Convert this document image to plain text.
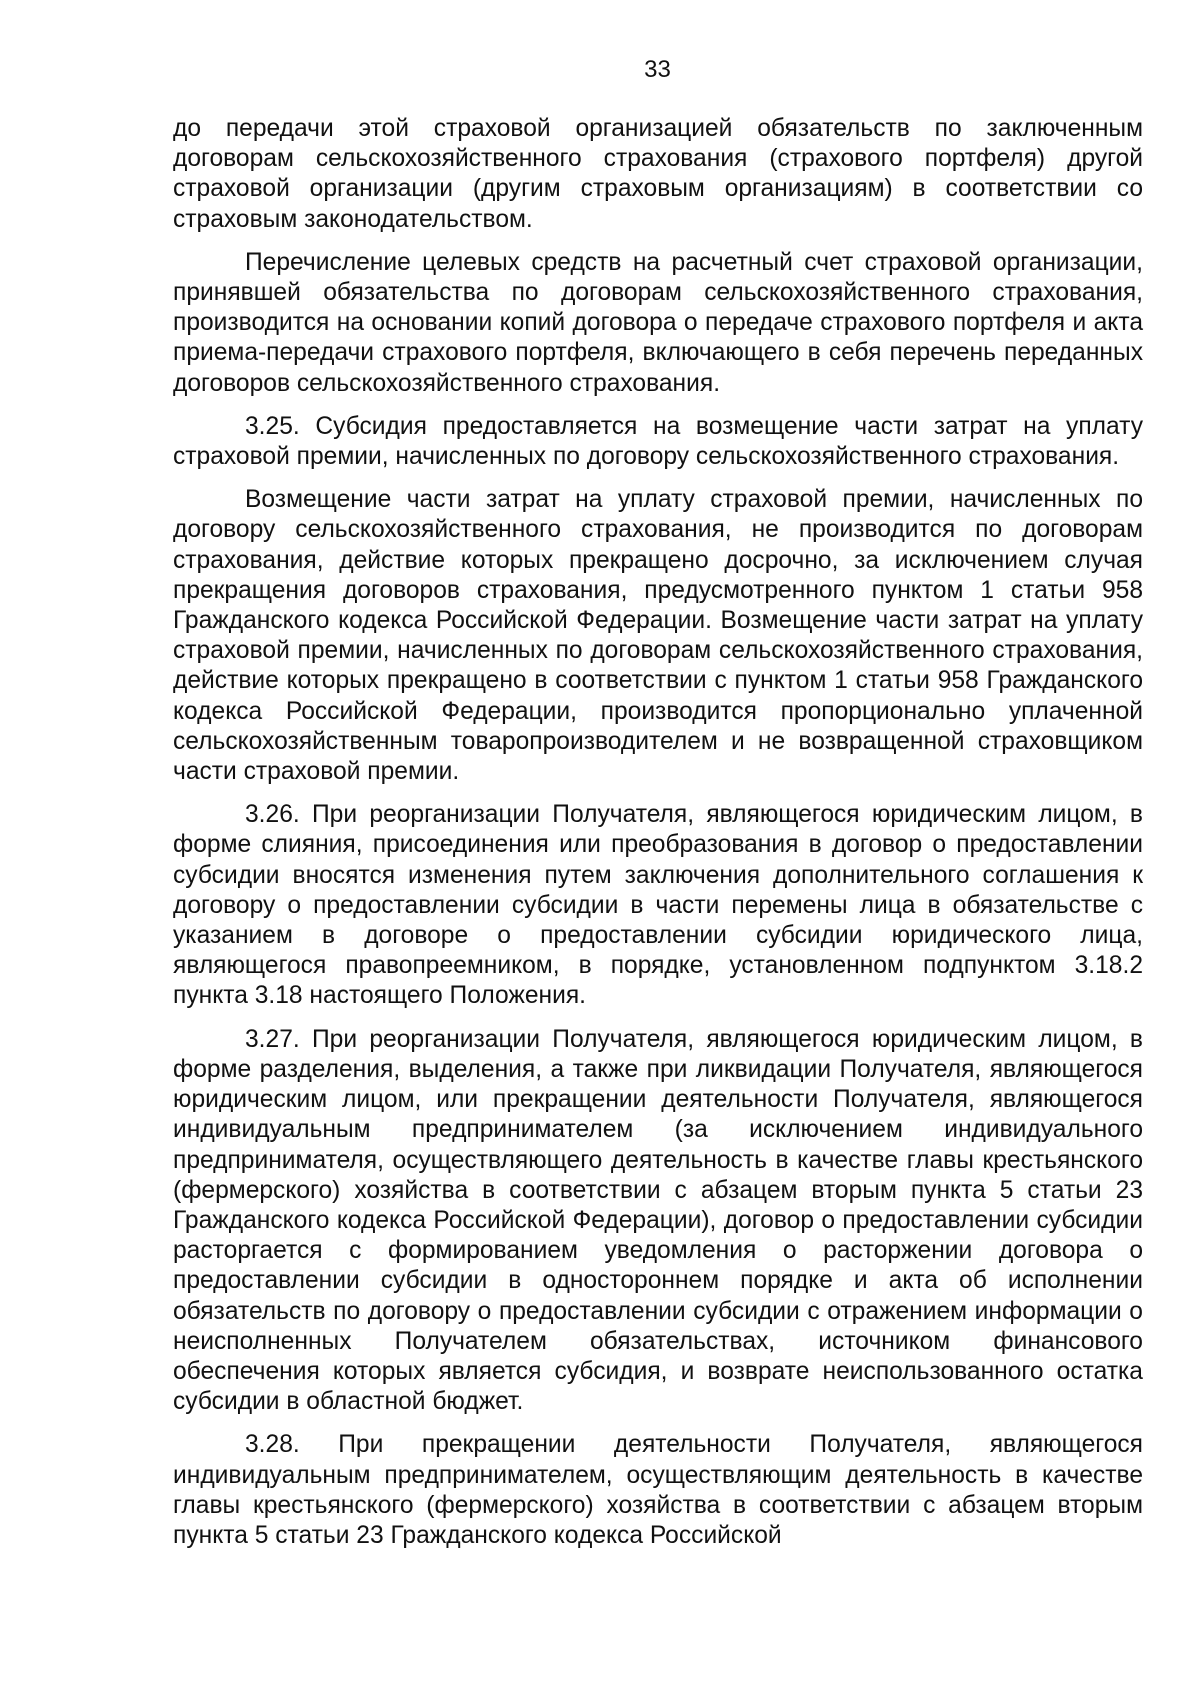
33

до передачи этой страховой организацией обязательств по заключенным договорам сельскохозяйственного страхования (страхового портфеля) другой страховой организации (другим страховым организациям) в соответствии со страховым законодательством.

Перечисление целевых средств на расчетный счет страховой организации, принявшей обязательства по договорам сельскохозяйственного страхования, производится на основании копий договора о передаче страхового портфеля и акта приема-передачи страхового портфеля, включающего в себя перечень переданных договоров сельскохозяйственного страхования.

3.25. Субсидия предоставляется на возмещение части затрат на уплату страховой премии, начисленных по договору сельскохозяйственного страхования.

Возмещение части затрат на уплату страховой премии, начисленных по договору сельскохозяйственного страхования, не производится по договорам страхования, действие которых прекращено досрочно, за исключением случая прекращения договоров страхования, предусмотренного пунктом 1 статьи 958 Гражданского кодекса Российской Федерации. Возмещение части затрат на уплату страховой премии, начисленных по договорам сельскохозяйственного страхования, действие которых прекращено в соответствии с пунктом 1 статьи 958 Гражданского кодекса Российской Федерации, производится пропорционально уплаченной сельскохозяйственным товаропроизводителем и не возвращенной страховщиком части страховой премии.

3.26. При реорганизации Получателя, являющегося юридическим лицом, в форме слияния, присоединения или преобразования в договор о предоставлении субсидии вносятся изменения путем заключения дополнительного соглашения к договору о предоставлении субсидии в части перемены лица в обязательстве с указанием в договоре о предоставлении субсидии юридического лица, являющегося правопреемником, в порядке, установленном подпунктом 3.18.2 пункта 3.18 настоящего Положения.

3.27. При реорганизации Получателя, являющегося юридическим лицом, в форме разделения, выделения, а также при ликвидации Получателя, являющегося юридическим лицом, или прекращении деятельности Получателя, являющегося индивидуальным предпринимателем (за исключением индивидуального предпринимателя, осуществляющего деятельность в качестве главы крестьянского (фермерского) хозяйства в соответствии с абзацем вторым пункта 5 статьи 23 Гражданского кодекса Российской Федерации), договор о предоставлении субсидии расторгается с формированием уведомления о расторжении договора о предоставлении субсидии в одностороннем порядке и акта об исполнении обязательств по договору о предоставлении субсидии с отражением информации о неисполненных Получателем обязательствах, источником финансового обеспечения которых является субсидия, и возврате неиспользованного остатка субсидии в областной бюджет.

3.28. При прекращении деятельности Получателя, являющегося индивидуальным предпринимателем, осуществляющим деятельность в качестве главы крестьянского (фермерского) хозяйства в соответствии с абзацем вторым пункта 5 статьи 23 Гражданского кодекса Российской
